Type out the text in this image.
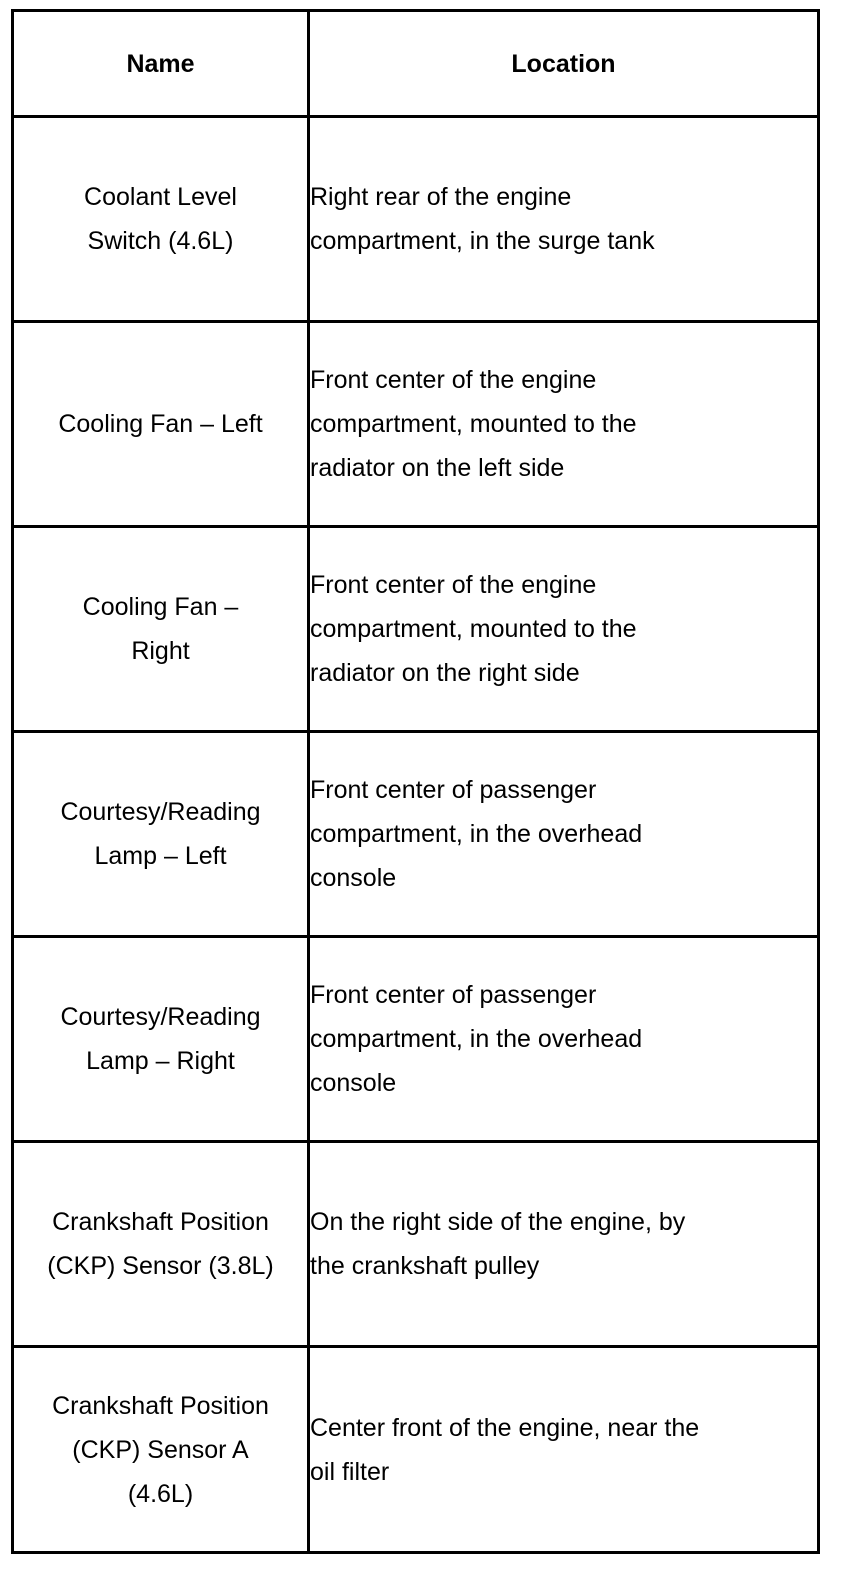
Name	Location

Coolant Level
Switch (4.6L)	Right rear of the engine
compartment, in the surge tank

Cooling Fan – Left	Front center of the engine
compartment, mounted to the
radiator on the left side

Cooling Fan –
Right	Front center of the engine
compartment, mounted to the
radiator on the right side

Courtesy/Reading
Lamp – Left	Front center of passenger
compartment, in the overhead
console

Courtesy/Reading
Lamp – Right	Front center of passenger
compartment, in the overhead
console

Crankshaft Position
(CKP) Sensor (3.8L)	On the right side of the engine, by
the crankshaft pulley

Crankshaft Position
(CKP) Sensor A
(4.6L)	Center front of the engine, near the
oil filter
